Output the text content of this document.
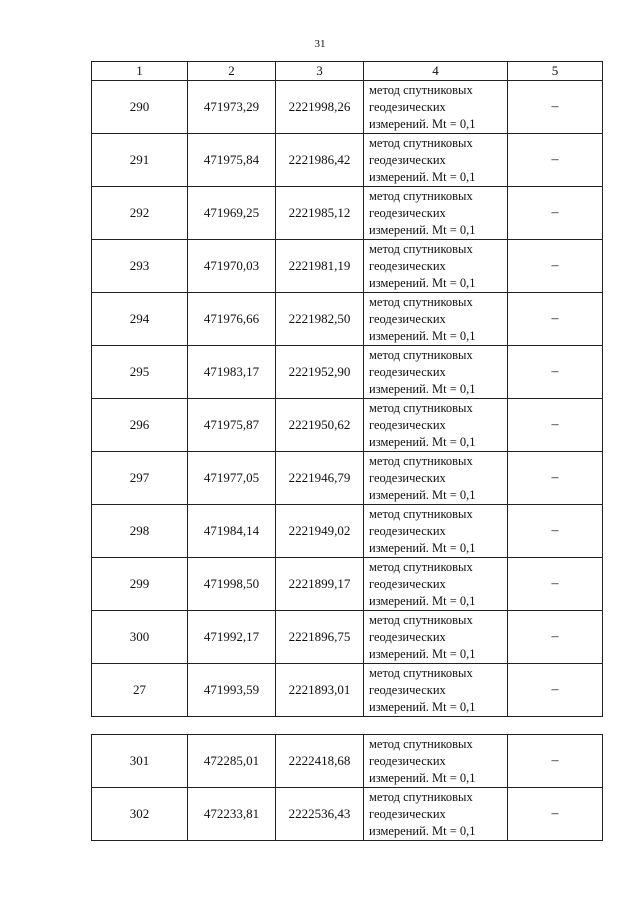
31
1	2	3	4	5
290	471973,29	2221998,26	метод спутниковых
геодезических
измерений. Mt = 0,1	–
291	471975,84	2221986,42	метод спутниковых
геодезических
измерений. Mt = 0,1	–
292	471969,25	2221985,12	метод спутниковых
геодезических
измерений. Mt = 0,1	–
293	471970,03	2221981,19	метод спутниковых
геодезических
измерений. Mt = 0,1	–
294	471976,66	2221982,50	метод спутниковых
геодезических
измерений. Mt = 0,1	–
295	471983,17	2221952,90	метод спутниковых
геодезических
измерений. Mt = 0,1	–
296	471975,87	2221950,62	метод спутниковых
геодезических
измерений. Mt = 0,1	–
297	471977,05	2221946,79	метод спутниковых
геодезических
измерений. Mt = 0,1	–
298	471984,14	2221949,02	метод спутниковых
геодезических
измерений. Mt = 0,1	–
299	471998,50	2221899,17	метод спутниковых
геодезических
измерений. Mt = 0,1	–
300	471992,17	2221896,75	метод спутниковых
геодезических
измерений. Mt = 0,1	–
27	471993,59	2221893,01	метод спутниковых
геодезических
измерений. Mt = 0,1	–

301	472285,01	2222418,68	метод спутниковых
геодезических
измерений. Mt = 0,1	–
302	472233,81	2222536,43	метод спутниковых
геодезических
измерений. Mt = 0,1	–
